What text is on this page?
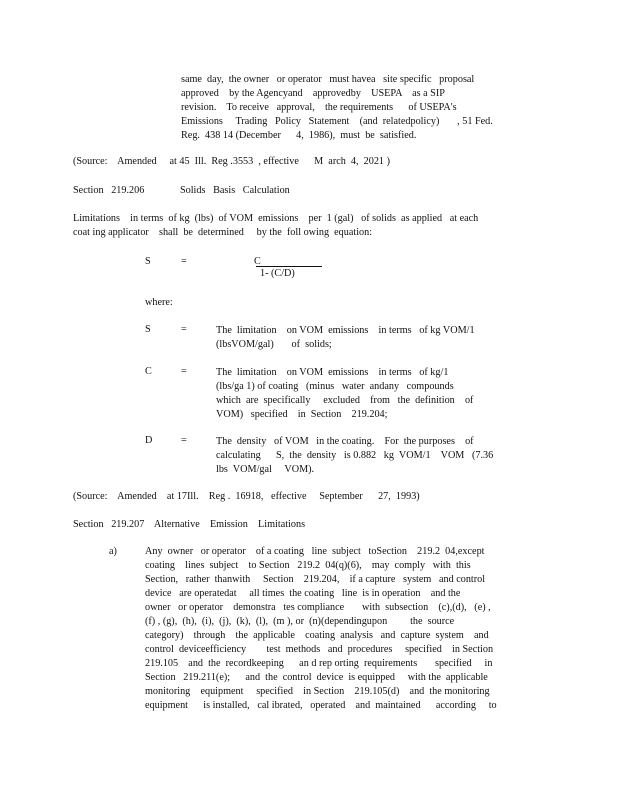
same  day,  the owner   or operator   must havea   site specific   proposal
approved    by the Agencyand    approvedby    USEPA    as a SIP
revision.    To receive   approval,    the requirements      of USEPA's
Emissions     Trading   Policy   Statement    (and  relatedpolicy)       , 51 Fed.
Reg.  438 14 (December      4,  1986),  must  be  satisfied.
(Source:    Amended     at 45  Ill.  Reg .3553  , effective      M  arch  4,  2021 )
Section   219.206              Solids   Basis   Calculation
Limitations    in terms  of kg  (lbs)  of VOM  emissions    per  1 (gal)   of solids  as applied   at each
coat ing applicator    shall  be  determined     by the  foll owing  equation:
S	=	C
1- (C/D)
where:
S	=	The  limitation    on VOM  emissions    in terms   of kg VOM/1
(lbsVOM/gal)       of  solids;
C	=	The  limitation    on VOM  emissions    in terms   of kg/1
(lbs/ga 1) of coating   (minus   water  andany   compounds
which  are  specifically     excluded    from   the  definition    of
VOM)   specified    in  Section    219.204;
D	=	The  density   of VOM   in the coating.    For  the purposes    of
calculating      S,  the  density   is 0.882   kg  VOM/1    VOM   (7.36
lbs  VOM/gal     VOM).
(Source:    Amended    at 17Ill.    Reg .  16918,   effective     September      27,  1993)
Section   219.207    Alternative    Emission    Limitations
a)	Any  owner   or operator    of a coating   line  subject   toSection    219.2  04,except
coating    lines  subject    to Section   219.2  04(q)(6),    may  comply   with  this
Section,   rather  thanwith     Section    219.204,    if a capture   system   and control
device   are operatedat     all times  the coating   line  is in operation    and the
owner   or operator    demonstra   tes compliance       with  subsection    (c),(d),   (e) ,
(f) , (g),  (h),  (i),  (j),  (k),  (l),  (m ), or  (n)(dependingupon         the  source
category)    through    the  applicable    coating  analysis   and  capture  system    and
control  deviceefficiency        test  methods   and  procedures     specified    in Section
219.105    and  the  recordkeeping      an d rep orting  requirements       specified     in
Section   219.211(e);      and  the  control  device  is equipped     with the  applicable
monitoring    equipment     specified    in Section    219.105(d)    and  the monitoring
equipment      is installed,   cal ibrated,   operated    and  maintained      according     to
